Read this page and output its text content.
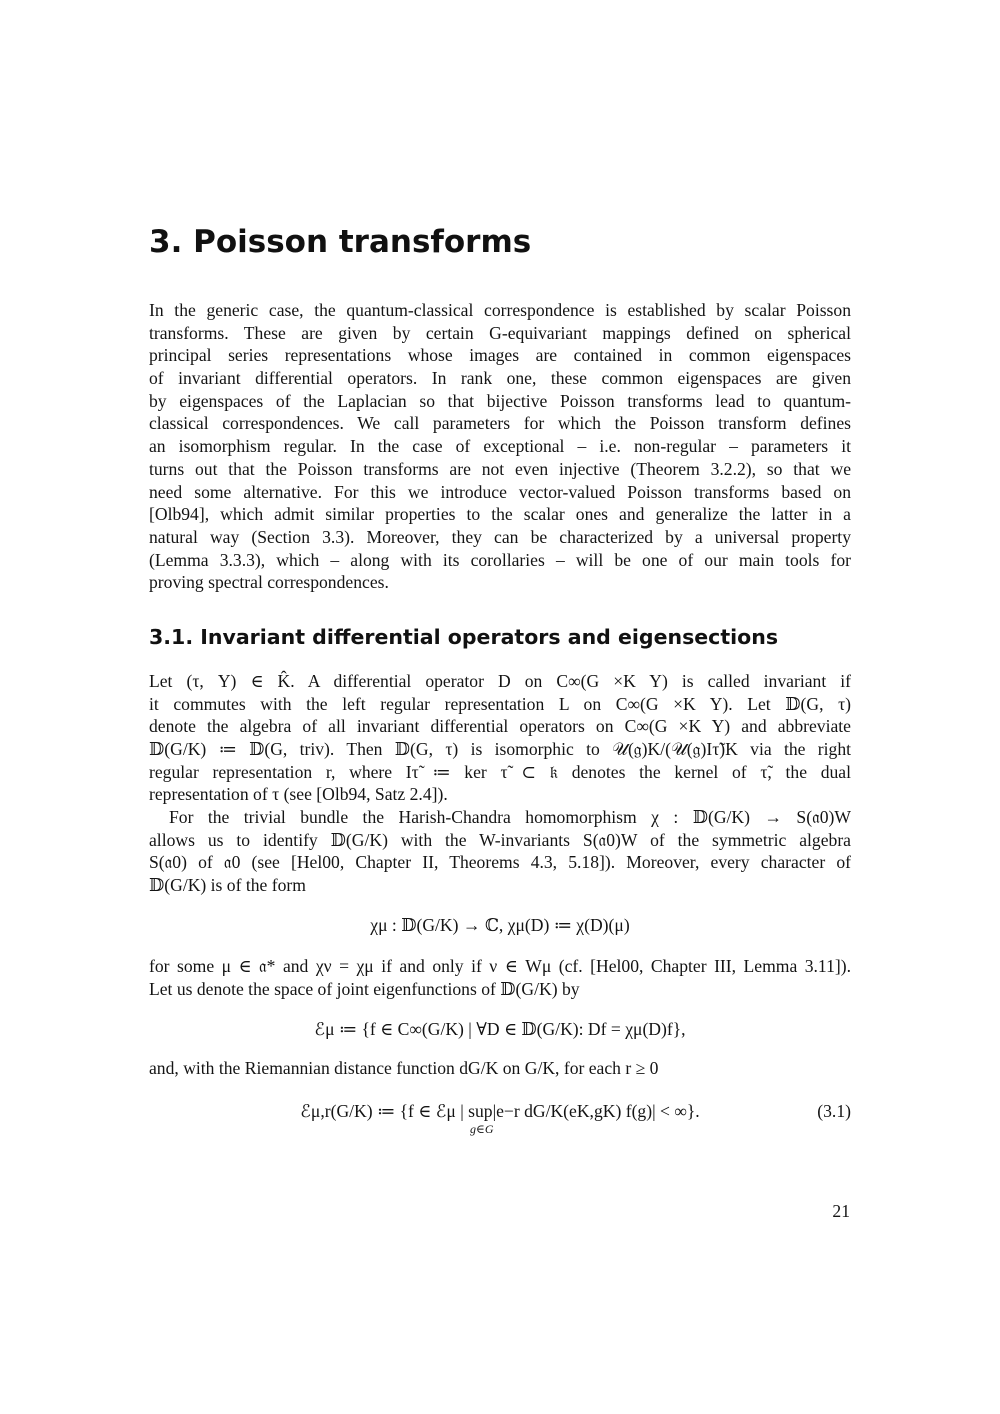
3. Poisson transforms
In the generic case, the quantum-classical correspondence is established by scalar Poisson
transforms. These are given by certain G-equivariant mappings defined on spherical
principal series representations whose images are contained in common eigenspaces
of invariant differential operators. In rank one, these common eigenspaces are given
by eigenspaces of the Laplacian so that bijective Poisson transforms lead to quantum-
classical correspondences. We call parameters for which the Poisson transform defines
an isomorphism regular. In the case of exceptional – i.e. non-regular – parameters it
turns out that the Poisson transforms are not even injective (Theorem 3.2.2), so that we
need some alternative. For this we introduce vector-valued Poisson transforms based on
[Olb94], which admit similar properties to the scalar ones and generalize the latter in a
natural way (Section 3.3). Moreover, they can be characterized by a universal property
(Lemma 3.3.3), which – along with its corollaries – will be one of our main tools for
proving spectral correspondences.
3.1. Invariant differential operators and eigensections
Let (τ, Y) ∈ K̂. A differential operator D on C∞(G ×K Y) is called invariant if
it commutes with the left regular representation L on C∞(G ×K Y). Let 𝔻(G, τ)
denote the algebra of all invariant differential operators on C∞(G ×K Y) and abbreviate
𝔻(G/K) ≔ 𝔻(G, triv). Then 𝔻(G, τ) is isomorphic to 𝒰(𝔤)K/(𝒰(𝔤)Iτ̃)K via the right
regular representation r, where Iτ̃ ≔ ker τ̃ ⊂ 𝔨 denotes the kernel of τ̃, the dual
representation of τ (see [Olb94, Satz 2.4]).
For the trivial bundle the Harish-Chandra homomorphism χ : 𝔻(G/K) → S(𝔞0)W
allows us to identify 𝔻(G/K) with the W-invariants S(𝔞0)W of the symmetric algebra
S(𝔞0) of 𝔞0 (see [Hel00, Chapter II, Theorems 4.3, 5.18]). Moreover, every character of
𝔻(G/K) is of the form
χμ : 𝔻(G/K) → ℂ, χμ(D) ≔ χ(D)(μ)
for some μ ∈ 𝔞* and χν = χμ if and only if ν ∈ Wμ (cf. [Hel00, Chapter III, Lemma 3.11]).
Let us denote the space of joint eigenfunctions of 𝔻(G/K) by
ℰμ ≔ {f ∈ C∞(G/K) | ∀D ∈ 𝔻(G/K): Df = χμ(D)f},
and, with the Riemannian distance function dG/K on G/K, for each r ≥ 0
ℰμ,r(G/K) ≔ {f ∈ ℰμ | sup|e−r dG/K(eK,gK) f(g)| < ∞}.
g∈G
(3.1)
21
